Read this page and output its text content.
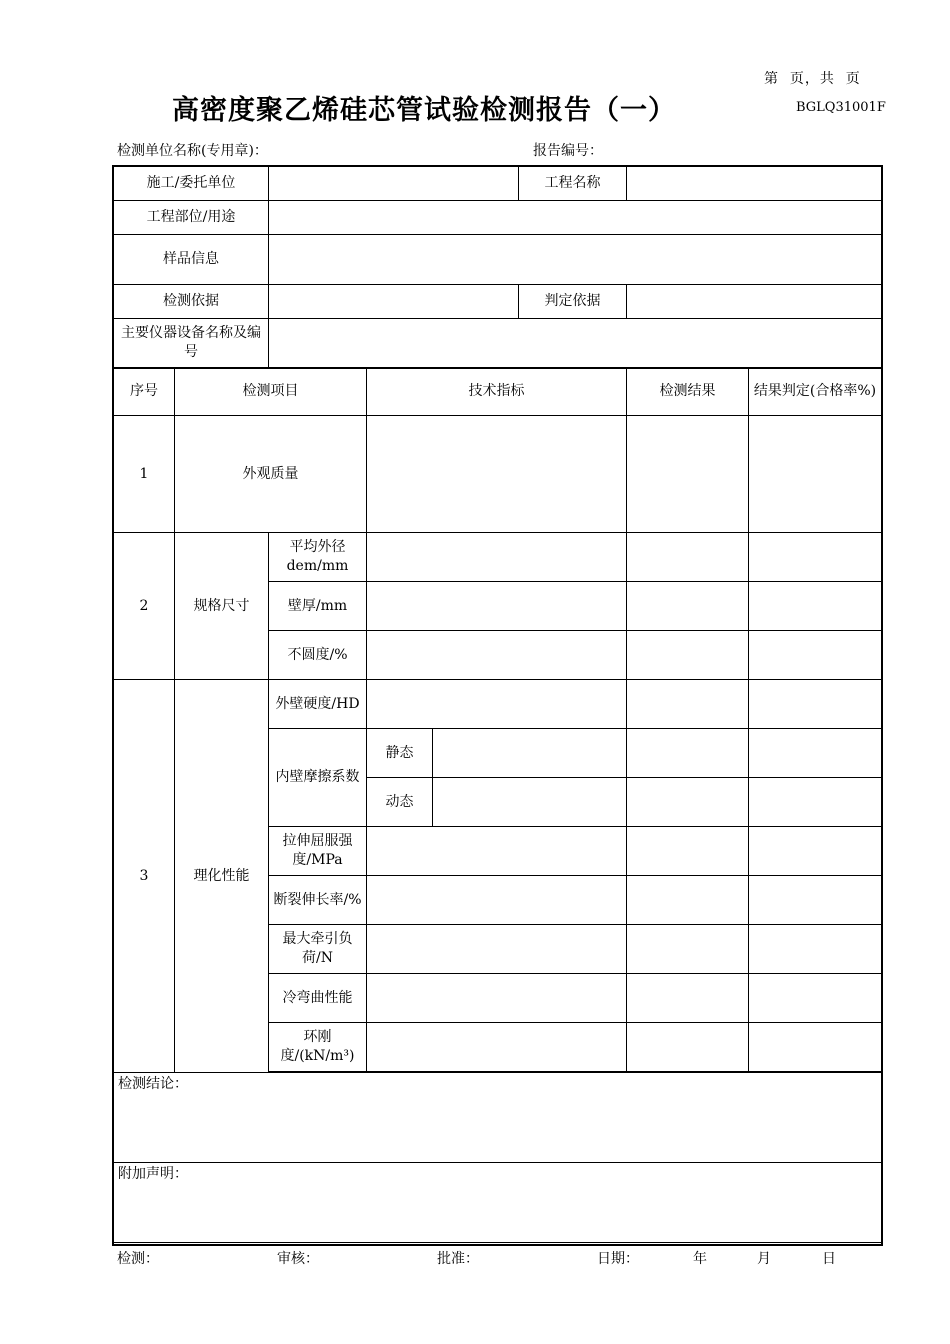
第  页，共  页
高密度聚乙烯硅芯管试验检测报告（一）	BGLQ31001F
检测单位名称(专用章)：	报告编号：
施工/委托单位					工程名称		
工程部位/用途							
样品信息							
检测依据					判定依据		
主要仪器设备名称及编号							
序号	检测项目		技术指标			检测结果	结果判定(合格率%)
1	外观质量						
2	规格尺寸	平均外径dem/mm					
		壁厚/mm					
		不圆度/%					
3	理化性能	外壁硬度/HD					
		内壁摩擦系数	静态				
			动态				
		拉伸屈服强度/MPa					
		断裂伸长率/%					
		最大牵引负荷/N					
		冷弯曲性能					
		环刚度/(kN/m³)					

检测结论：							
附加声明：							
检测：	审核：	批准：	日期：	年	月	日
